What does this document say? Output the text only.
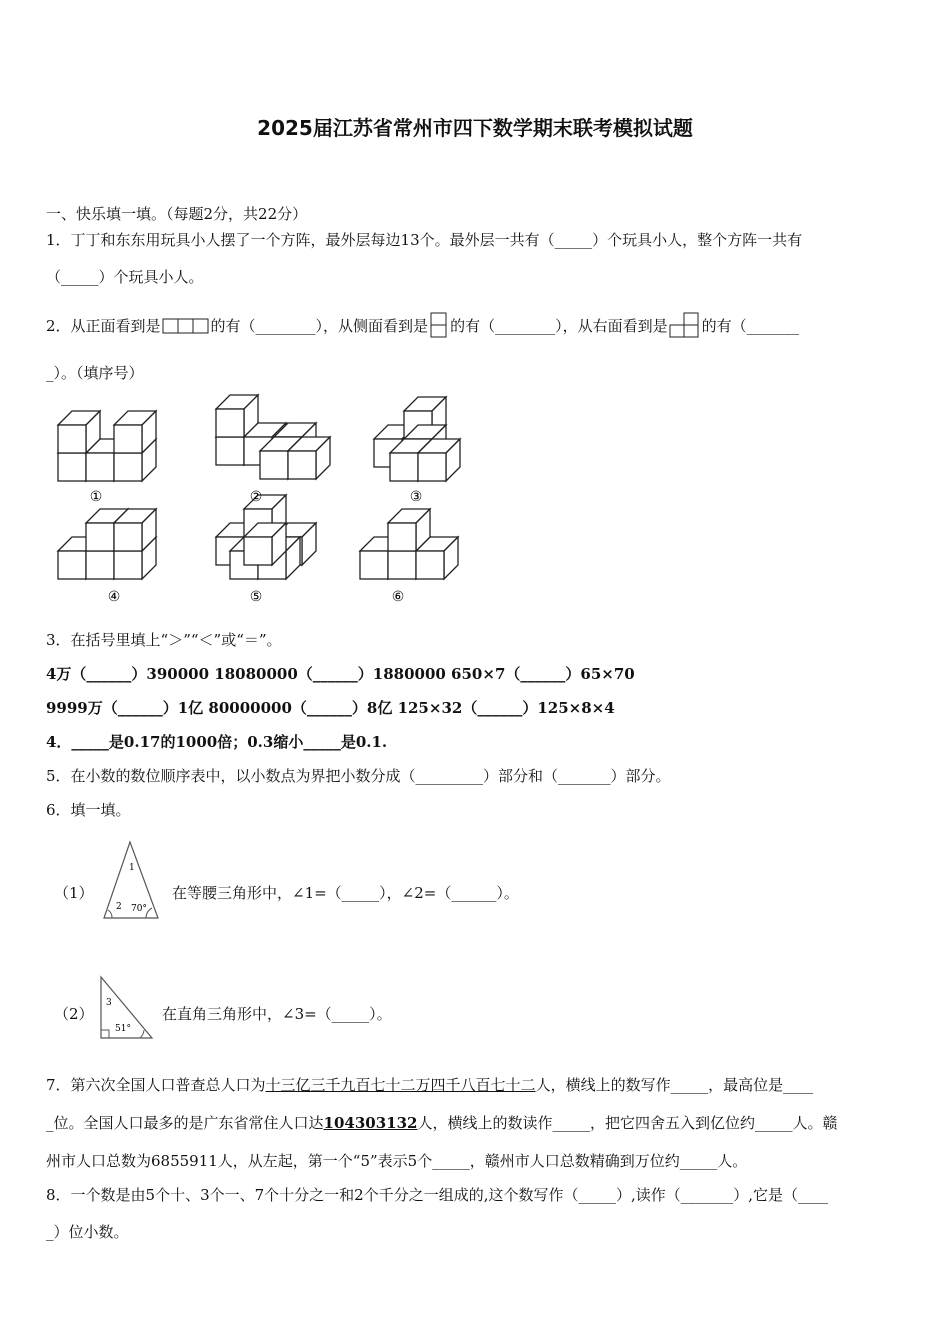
2025届江苏省常州市四下数学期末联考模拟试题
一、快乐填一填。（每题2分，共22分）
1．丁丁和东东用玩具小人摆了一个方阵，最外层每边13个。最外层一共有（_____）个玩具小人，整个方阵一共有
（_____）个玩具小人。
2．从正面看到是	的有（________），从侧面看到是 的有（________），从右面看到是 的有（_______
_）。（填序号）
①	②	③
④	⑤	⑥
3．在括号里填上“＞”“＜”或“＝”。
4万（______）390000 18080000（______）1880000 650×7（______）65×70
9999万（______）1亿 80000000（______）8亿 125×32（______）125×8×4
4．_____是0.17的1000倍；0.3缩小_____是0.1.
5．在小数的数位顺序表中，以小数点为界把小数分成（_________）部分和（_______）部分。
6．填一填。
（1）
1
2 70°
在等腰三角形中，∠1=（_____），∠2=（______）。
（2）
3
51°
在直角三角形中，∠3=（_____）。
7．第六次全国人口普查总人口为十三亿三千九百七十二万四千八百七十二人，横线上的数写作_____，最高位是____
_位。全国人口最多的是广东省常住人口达104303132人，横线上的数读作_____，把它四舍五入到亿位约_____人。赣
州市人口总数为6855911人，从左起，第一个“5”表示5个_____，赣州市人口总数精确到万位约_____人。
8．一个数是由5个十、3个一、7个十分之一和2个千分之一组成的,这个数写作（_____）,读作（_______）,它是（____
_）位小数。
